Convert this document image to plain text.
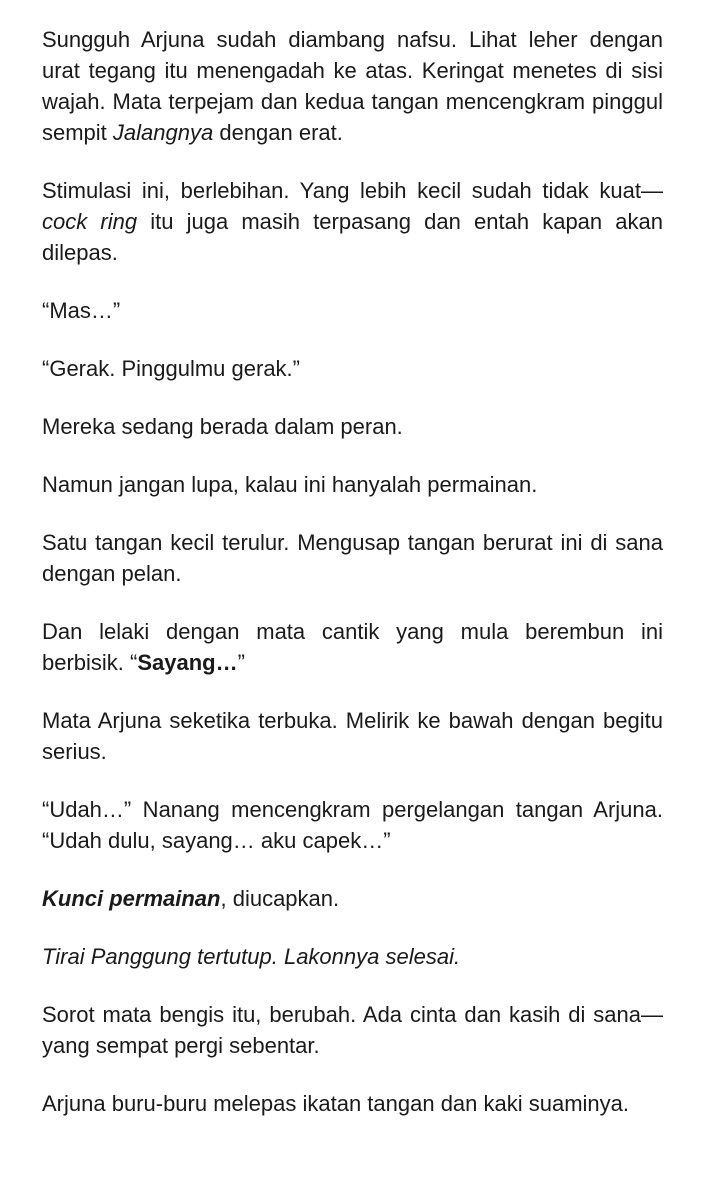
Sungguh Arjuna sudah diambang nafsu. Lihat leher dengan urat tegang itu menengadah ke atas. Keringat menetes di sisi wajah. Mata terpejam dan kedua tangan mencengkram pinggul sempit Jalangnya dengan erat.

Stimulasi ini, berlebihan. Yang lebih kecil sudah tidak kuat—cock ring itu juga masih terpasang dan entah kapan akan dilepas.

“Mas…”

“Gerak. Pinggulmu gerak.”

Mereka sedang berada dalam peran.

Namun jangan lupa, kalau ini hanyalah permainan.

Satu tangan kecil terulur. Mengusap tangan berurat ini di sana dengan pelan.

Dan lelaki dengan mata cantik yang mula berembun ini berbisik. “Sayang…”

Mata Arjuna seketika terbuka. Melirik ke bawah dengan begitu serius.

“Udah…” Nanang mencengkram pergelangan tangan Arjuna. “Udah dulu, sayang… aku capek…”

Kunci permainan, diucapkan.

Tirai Panggung tertutup. Lakonnya selesai.

Sorot mata bengis itu, berubah. Ada cinta dan kasih di sana—yang sempat pergi sebentar.

Arjuna buru-buru melepas ikatan tangan dan kaki suaminya.
